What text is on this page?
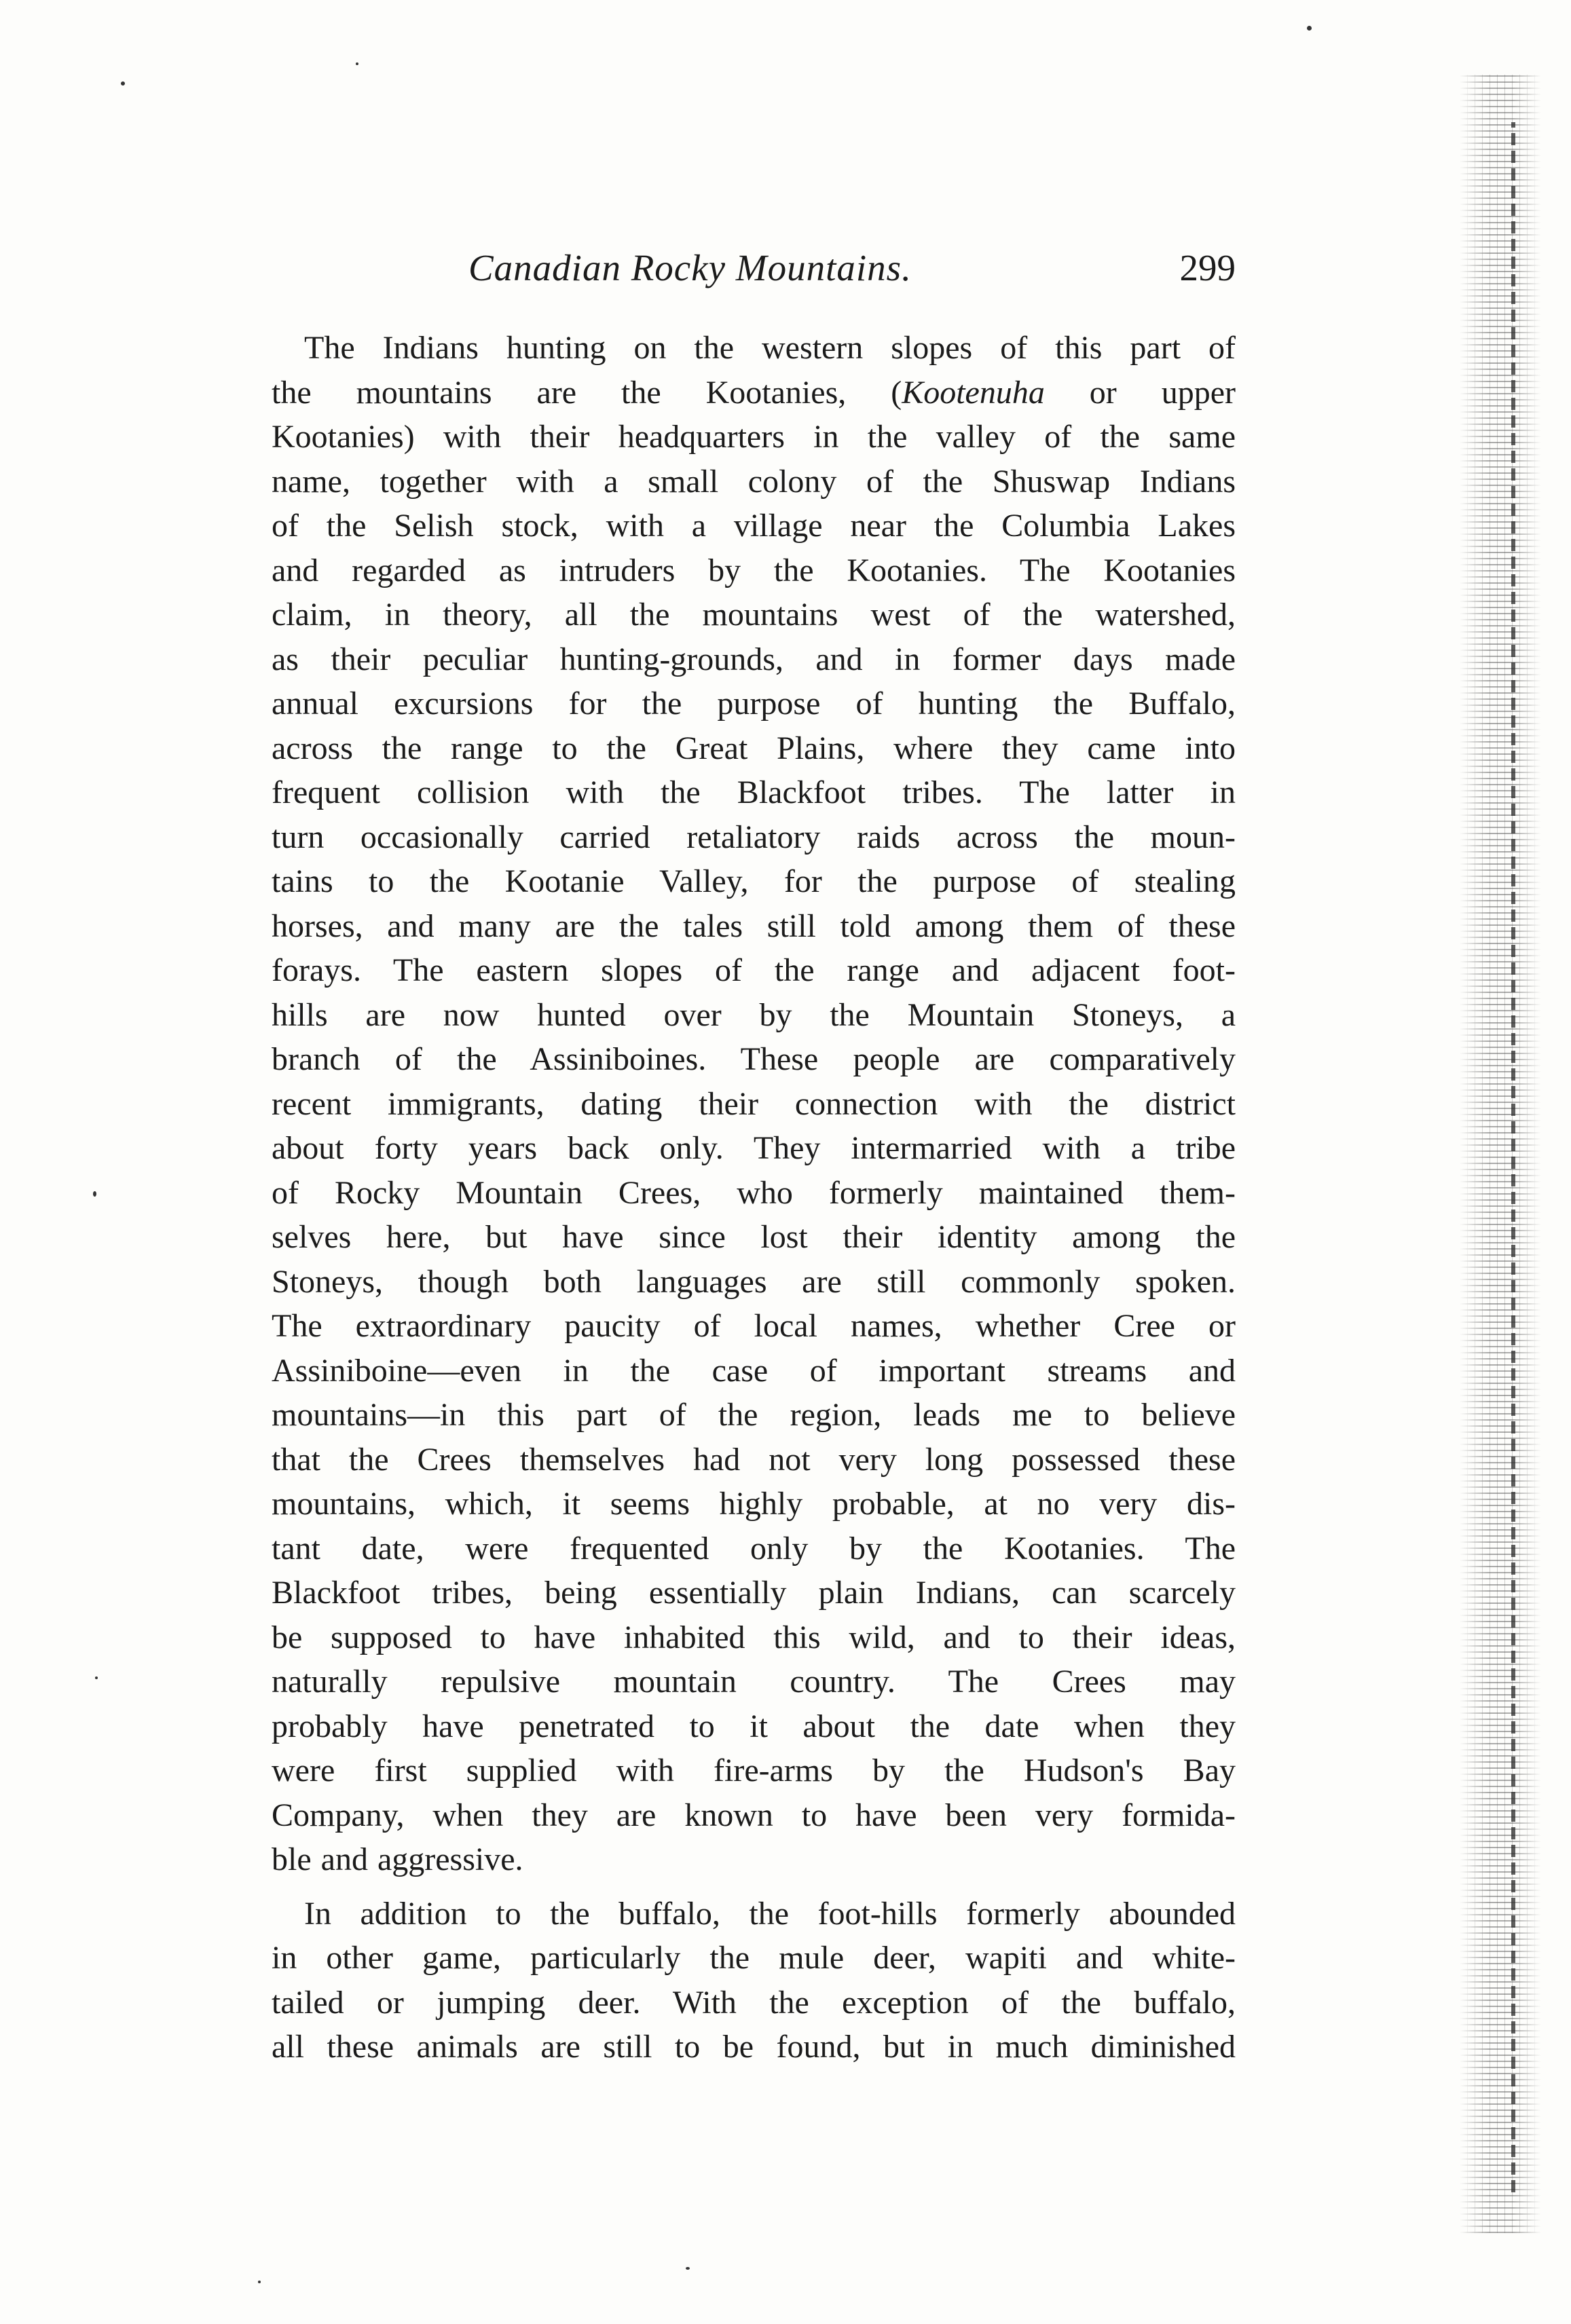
Canadian Rocky Mountains.	299
The Indians hunting on the western slopes of this part of
the mountains are the Kootanies, (Kootenuha or upper
Kootanies) with their headquarters in the valley of the same
name, together with a small colony of the Shuswap Indians
of the Selish stock, with a village near the Columbia Lakes
and regarded as intruders by the Kootanies. The Kootanies
claim, in theory, all the mountains west of the watershed,
as their peculiar hunting-grounds, and in former days made
annual excursions for the purpose of hunting the Buffalo,
across the range to the Great Plains, where they came into
frequent collision with the Blackfoot tribes. The latter in
turn occasionally carried retaliatory raids across the moun-
tains to the Kootanie Valley, for the purpose of stealing
horses, and many are the tales still told among them of these
forays. The eastern slopes of the range and adjacent foot-
hills are now hunted over by the Mountain Stoneys, a
branch of the Assiniboines. These people are comparatively
recent immigrants, dating their connection with the district
about forty years back only. They intermarried with a tribe
of Rocky Mountain Crees, who formerly maintained them-
selves here, but have since lost their identity among the
Stoneys, though both languages are still commonly spoken.
The extraordinary paucity of local names, whether Cree or
Assiniboine—even in the case of important streams and
mountains—in this part of the region, leads me to believe
that the Crees themselves had not very long possessed these
mountains, which, it seems highly probable, at no very dis-
tant date, were frequented only by the Kootanies. The
Blackfoot tribes, being essentially plain Indians, can scarcely
be supposed to have inhabited this wild, and to their ideas,
naturally repulsive mountain country. The Crees may
probably have penetrated to it about the date when they
were first supplied with fire-arms by the Hudson's Bay
Company, when they are known to have been very formida-
ble and aggressive.
In addition to the buffalo, the foot-hills formerly abounded
in other game, particularly the mule deer, wapiti and white-
tailed or jumping deer. With the exception of the buffalo,
all these animals are still to be found, but in much diminished
